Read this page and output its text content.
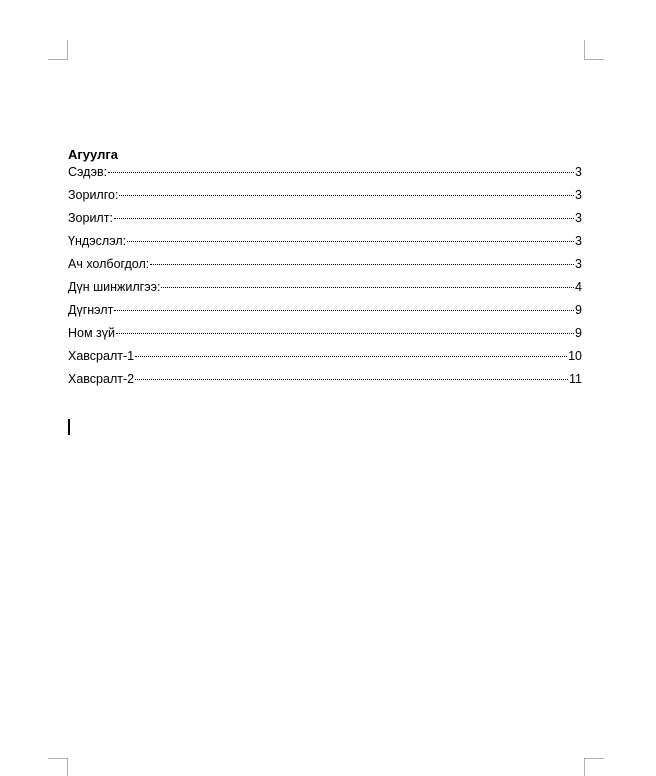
Агуулга
Сэдэв:	3
Зорилго:	3
Зорилт:	3
Үндэслэл:	3
Ач холбогдол:	3
Дүн шинжилгээ:	4
Дүгнэлт	9
Ном зүй	9
Хавсралт-1	10
Хавсралт-2	11
